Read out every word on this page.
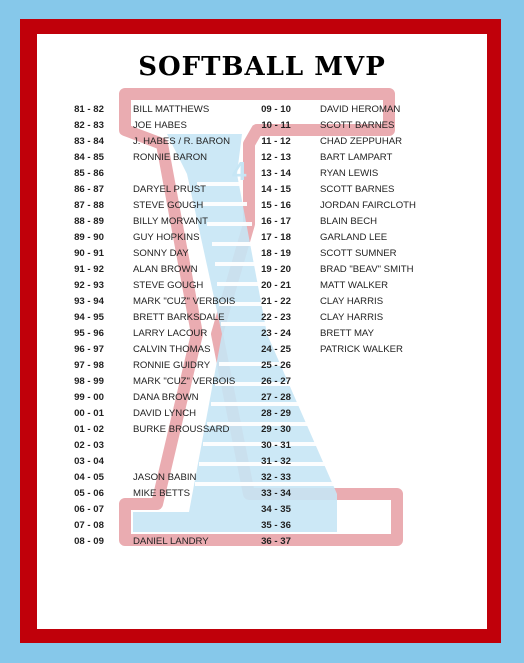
4
SOFTBALL MVP
81 - 82	BILL MATTHEWS
82 - 83	JOE HABES
83 - 84	J. HABES / R. BARON
84 - 85	RONNIE BARON
85 - 86
86 - 87	DARYEL PRUST
87 - 88	STEVE GOUGH
88 - 89	BILLY MORVANT
89 - 90	GUY HOPKINS
90 - 91	SONNY DAY
91 - 92	ALAN BROWN
92 - 93	STEVE GOUGH
93 - 94	MARK "CUZ" VERBOIS
94 - 95	BRETT BARKSDALE
95 - 96	LARRY LACOUR
96 - 97	CALVIN THOMAS
97 - 98	RONNIE GUIDRY
98 - 99	MARK "CUZ" VERBOIS
99 - 00	DANA BROWN
00 - 01	DAVID LYNCH
01 - 02	BURKE BROUSSARD
02 - 03
03 - 04
04 - 05	JASON BABIN
05 - 06	MIKE BETTS
06 - 07
07 - 08
08 - 09	DANIEL LANDRY
09 - 10	DAVID HEROMAN
10 - 11	SCOTT BARNES
11 - 12	CHAD ZEPPUHAR
12 - 13	BART LAMPART
13 - 14	RYAN LEWIS
14 - 15	SCOTT BARNES
15 - 16	JORDAN FAIRCLOTH
16 - 17	BLAIN BECH
17 - 18	GARLAND LEE
18 - 19	SCOTT SUMNER
19 - 20	BRAD "BEAV" SMITH
20 - 21	MATT WALKER
21 - 22	CLAY HARRIS
22 - 23	CLAY HARRIS
23 - 24	BRETT MAY
24 - 25	PATRICK WALKER
25 - 26
26 - 27
27 - 28
28 - 29
29 - 30
30 - 31
31 - 32
32 - 33
33 - 34
34 - 35
35 - 36
36 - 37
